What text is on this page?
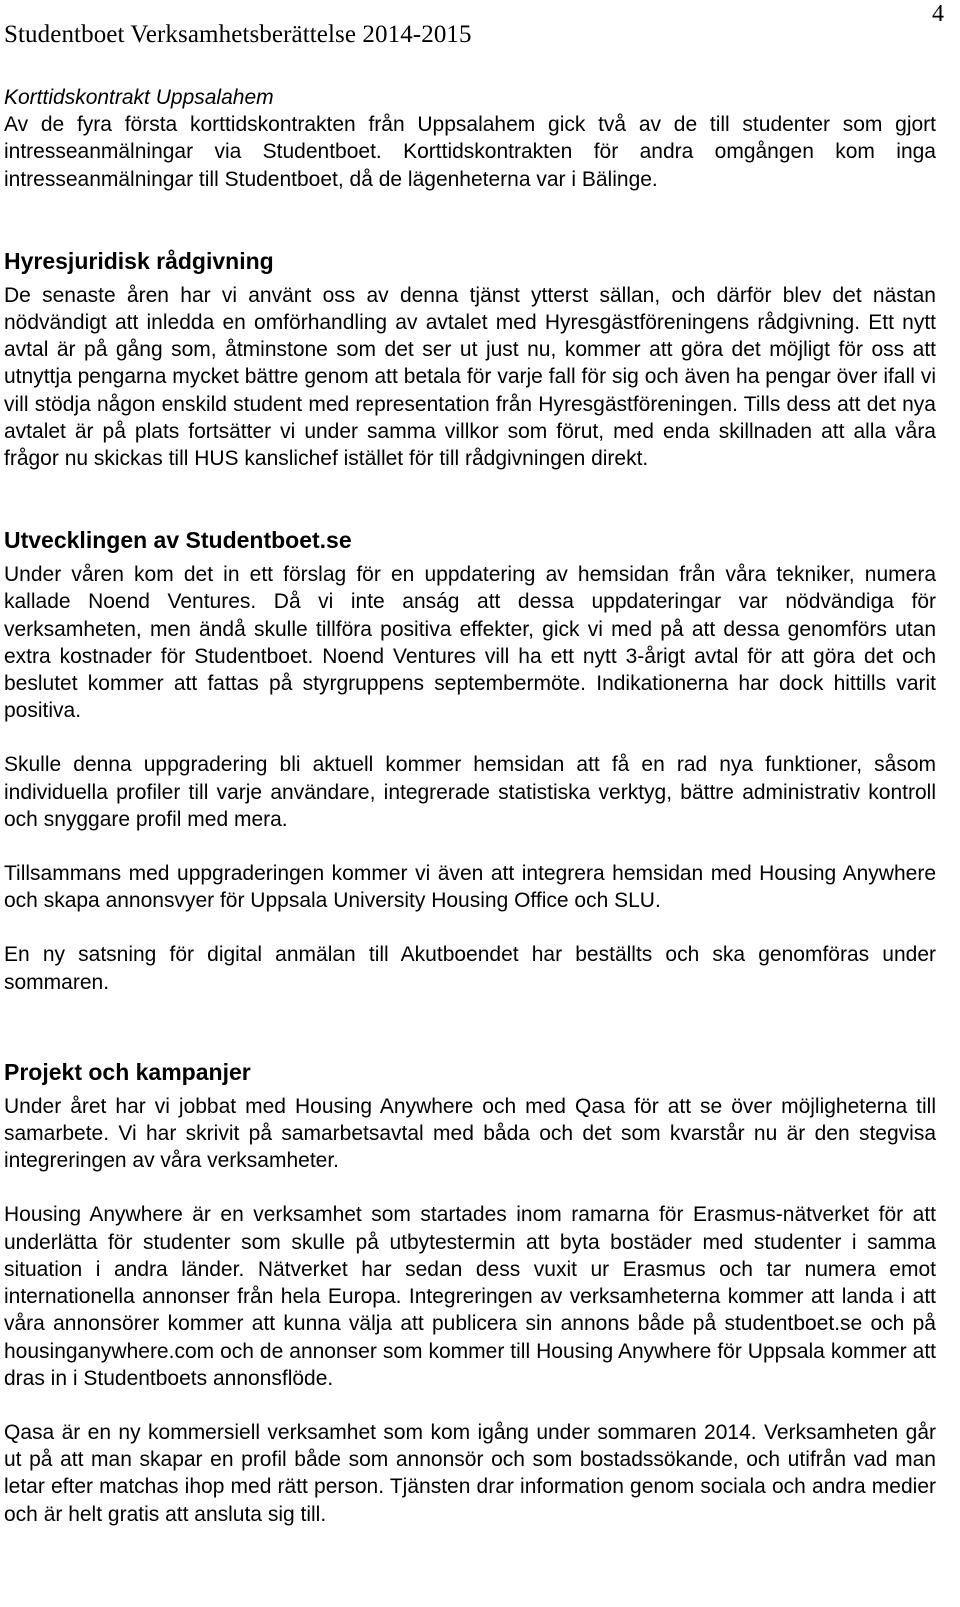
Studentboet Verksamhetsberättelse 2014-2015
4
Korttidskontrakt Uppsalahem

Av de fyra första korttidskontrakten från Uppsalahem gick två av de till studenter som gjort intresseanmälningar via Studentboet. Korttidskontrakten för andra omgången kom inga intresseanmälningar till Studentboet, då de lägenheterna var i Bälinge.

Hyresjuridisk rådgivning

De senaste åren har vi använt oss av denna tjänst ytterst sällan, och därför blev det nästan nödvändigt att inledda en omförhandling av avtalet med Hyresgästföreningens rådgivning. Ett nytt avtal är på gång som, åtminstone som det ser ut just nu, kommer att göra det möjligt för oss att utnyttja pengarna mycket bättre genom att betala för varje fall för sig och även ha pengar över ifall vi vill stödja någon enskild student med representation från Hyresgästföreningen. Tills dess att det nya avtalet är på plats fortsätter vi under samma villkor som förut, med enda skillnaden att alla våra frågor nu skickas till HUS kanslichef istället för till rådgivningen direkt.

Utvecklingen av Studentboet.se

Under våren kom det in ett förslag för en uppdatering av hemsidan från våra tekniker, numera kallade Noend Ventures. Då vi inte anság att dessa uppdateringar var nödvändiga för verksamheten, men ändå skulle tillföra positiva effekter, gick vi med på att dessa genomförs utan extra kostnader för Studentboet. Noend Ventures vill ha ett nytt 3-årigt avtal för att göra det och beslutet kommer att fattas på styrgruppens septembermöte. Indikationerna har dock hittills varit positiva.

Skulle denna uppgradering bli aktuell kommer hemsidan att få en rad nya funktioner, såsom individuella profiler till varje användare, integrerade statistiska verktyg, bättre administrativ kontroll och snyggare profil med mera.

Tillsammans med uppgraderingen kommer vi även att integrera hemsidan med Housing Anywhere och skapa annonsvyer för Uppsala University Housing Office och SLU.

En ny satsning för digital anmälan till Akutboendet har beställts och ska genomföras under sommaren.

Projekt och kampanjer

Under året har vi jobbat med Housing Anywhere och med Qasa för att se över möjligheterna till samarbete. Vi har skrivit på samarbetsavtal med båda och det som kvarstår nu är den stegvisa integreringen av våra verksamheter.

Housing Anywhere är en verksamhet som startades inom ramarna för Erasmus-nätverket för att underlätta för studenter som skulle på utbytestermin att byta bostäder med studenter i samma situation i andra länder. Nätverket har sedan dess vuxit ur Erasmus och tar numera emot internationella annonser från hela Europa. Integreringen av verksamheterna kommer att landa i att våra annonsörer kommer att kunna välja att publicera sin annons både på studentboet.se och på housinganywhere.com och de annonser som kommer till Housing Anywhere för Uppsala kommer att dras in i Studentboets annonsflöde.

Qasa är en ny kommersiell verksamhet som kom igång under sommaren 2014. Verksamheten går ut på att man skapar en profil både som annonsör och som bostadssökande, och utifrån vad man letar efter matchas ihop med rätt person. Tjänsten drar information genom sociala och andra medier och är helt gratis att ansluta sig till.
